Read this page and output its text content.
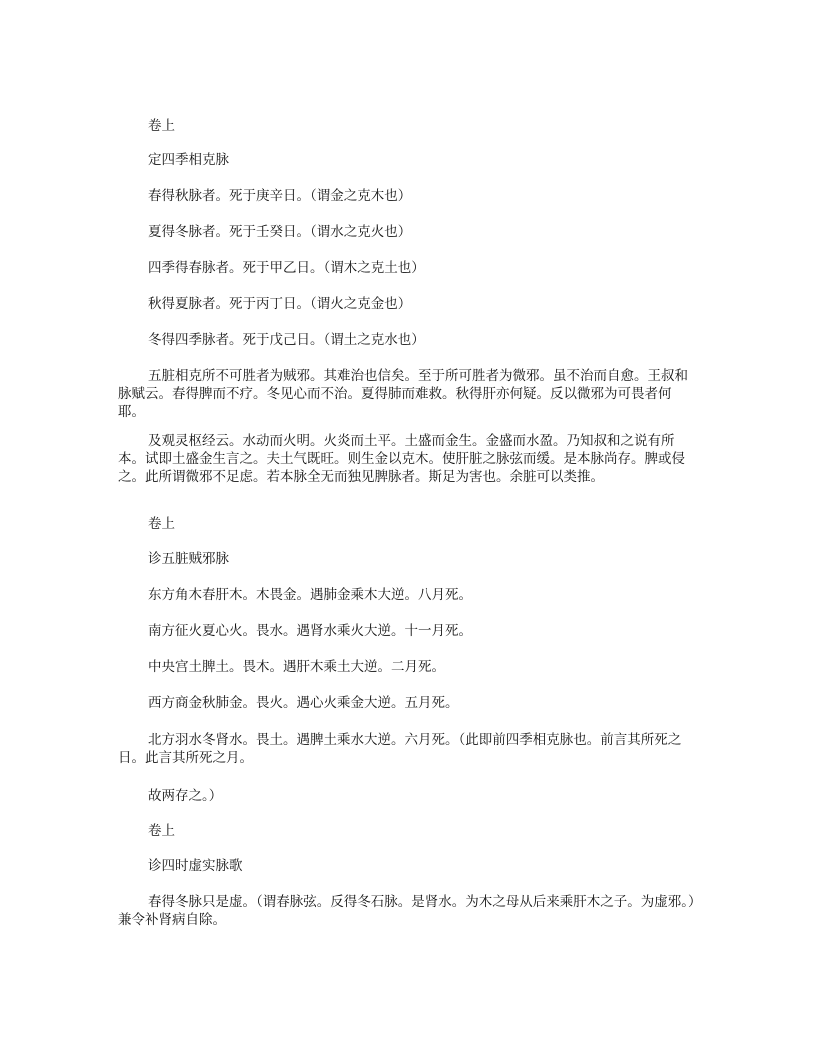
卷上

定四季相克脉

春得秋脉者。死于庚辛日。（谓金之克木也）

夏得冬脉者。死于壬癸日。（谓水之克火也）

四季得春脉者。死于甲乙日。（谓木之克土也）

秋得夏脉者。死于丙丁日。（谓火之克金也）

冬得四季脉者。死于戊己日。（谓土之克水也）

五脏相克所不可胜者为贼邪。其难治也信矣。至于所可胜者为微邪。虽不治而自愈。王叔和脉赋云。春得脾而不疗。冬见心而不治。夏得肺而难救。秋得肝亦何疑。反以微邪为可畏者何耶。

及观灵枢经云。水动而火明。火炎而土平。土盛而金生。金盛而水盈。乃知叔和之说有所本。试即土盛金生言之。夫土气既旺。则生金以克木。使肝脏之脉弦而缓。是本脉尚存。脾或侵之。此所谓微邪不足虑。若本脉全无而独见脾脉者。斯足为害也。余脏可以类推。

卷上

诊五脏贼邪脉

东方角木春肝木。木畏金。遇肺金乘木大逆。八月死。

南方征火夏心火。畏水。遇肾水乘火大逆。十一月死。

中央宫土脾土。畏木。遇肝木乘土大逆。二月死。

西方商金秋肺金。畏火。遇心火乘金大逆。五月死。

北方羽水冬肾水。畏土。遇脾土乘水大逆。六月死。（此即前四季相克脉也。前言其所死之日。此言其所死之月。

故两存之。）

卷上

诊四时虚实脉歌

春得冬脉只是虚。（谓春脉弦。反得冬石脉。是肾水。为木之母从后来乘肝木之子。为虚邪。）兼令补肾病自除。
